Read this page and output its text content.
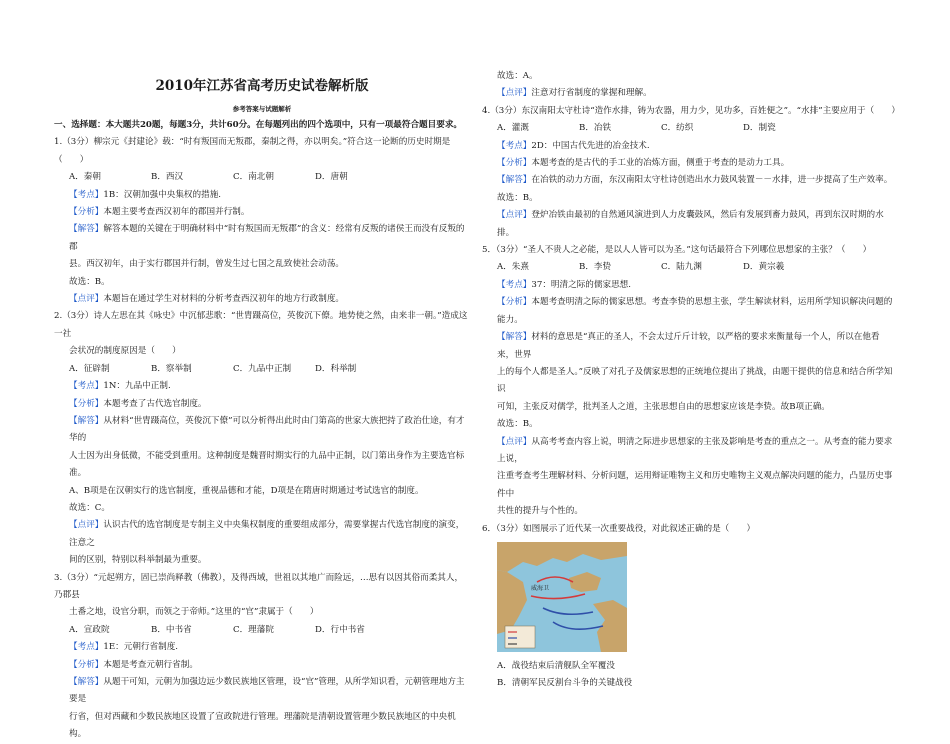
2010年江苏省高考历史试卷解析版

参考答案与试题解析

一、选择题：本大题共20题，每题3分，共计60分。在每题列出的四个选项中，只有一项最符合题目要求。

1.（3分）柳宗元《封建论》载：“时有叛国而无叛郡，秦制之得，亦以明矣。”符合这一论断的历史时期是（　　）

A．秦朝	B．西汉	C．南北朝	D．唐朝

【考点】1B：汉朝加强中央集权的措施.

【分析】本题主要考查西汉初年的郡国并行制。

【解答】解答本题的关键在于明确材料中“时有叛国而无叛郡”的含义：经常有反叛的诸侯王而没有反叛的郡

县。西汉初年，由于实行郡国并行制，曾发生过七国之乱致使社会动荡。

故选：B。

【点评】本题旨在通过学生对材料的分析考查西汉初年的地方行政制度。

2.（3分）诗人左思在其《咏史》中沉郁悲歌：“世胄蹑高位，英俊沉下僚。地势使之然，由来非一朝。”造成这一社

会状况的制度原因是（　　）

A．征辟制	B．察举制	C．九品中正制	D．科举制

【考点】1N：九品中正制.

【分析】本题考查了古代选官制度。

【解答】从材料“世胄蹑高位，英俊沉下僚”可以分析得出此时由门第高的世家大族把持了政治仕途，有才华的

人士因为出身低微，不能受到重用。这种制度是魏晋时期实行的九品中正制，以门第出身作为主要选官标准。

A、B项是在汉朝实行的选官制度，重视品德和才能，D项是在隋唐时期通过考试选官的制度。

故选：C。

【点评】认识古代的选官制度是专制主义中央集权制度的重要组成部分，需要掌握古代选官制度的演变，注意之

间的区别，特别以科举制最为重要。

3.（3分）“元起朔方，固已崇尚释教（佛教），及得西域，世祖以其地广而险远，…思有以因其俗而柔其人，乃郡县

土番之地，设官分职，而领之于帝师。”这里的“官”隶属于（　　）

A．宣政院	B．中书省	C．理藩院	D．行中书省

【考点】1E：元朝行省制度.

【分析】本题是考查元朝行省制。

【解答】从题干可知，元朝为加强边远少数民族地区管理，设“官”管理，从所学知识看，元朝管理地方主要是

行省，但对西藏和少数民族地区设置了宣政院进行管理。理藩院是清朝设置管理少数民族地区的中央机构。

故选：A。

【点评】注意对行省制度的掌握和理解。

4.（3分）东汉南阳太守杜诗“造作水排，铸为农器，用力少，见功多，百姓便之”。“水排”主要应用于（　　）

A．灌溉	B．冶铁	C．纺织	D．制瓷

【考点】2D：中国古代先进的冶金技术.

【分析】本题考查的是古代的手工业的冶炼方面，侧重于考查的是动力工具。

【解答】在冶铁的动力方面，东汉南阳太守杜诗创造出水力鼓风装置－－水排，进一步提高了生产效率。

故选：B。

【点评】登炉冶铁由最初的自然通风演进到人力皮囊鼓风，然后有发展到畜力鼓风，再到东汉时期的水排。

5．（3分）“圣人不贵人之必能，是以人人皆可以为圣。”这句话最符合下列哪位思想家的主张？（　　）

A．朱熹	B．李贽	C．陆九渊	D．黄宗羲

【考点】37：明清之际的儒家思想.

【分析】本题考查明清之际的儒家思想。考查李贽的思想主张，学生解读材料，运用所学知识解决问题的能力。

【解答】材料的意思是“真正的圣人，不会太过斤斤计较，以严格的要求来衡量每一个人，所以在他看来，世界

上的每个人都是圣人。”反映了对孔子及儒家思想的正统地位提出了挑战，由题干提供的信息和结合所学知识

可知，主张反对儒学，批判圣人之道，主张思想自由的思想家应该是李贽。故B项正确。

故选：B。

【点评】从高考考查内容上说，明清之际进步思想家的主张及影响是考查的重点之一。从考查的能力要求上说，

注重考查考生理解材料、分析问题，运用辩证唯物主义和历史唯物主义观点解决问题的能力，凸显历史事件中

共性的提升与个性的。

6．（3分）如图展示了近代某一次重要战役，对此叙述正确的是（　　）

威海卫

A．战役结束后清舰队全军覆没

B．清朝军民反割台斗争的关键战役
